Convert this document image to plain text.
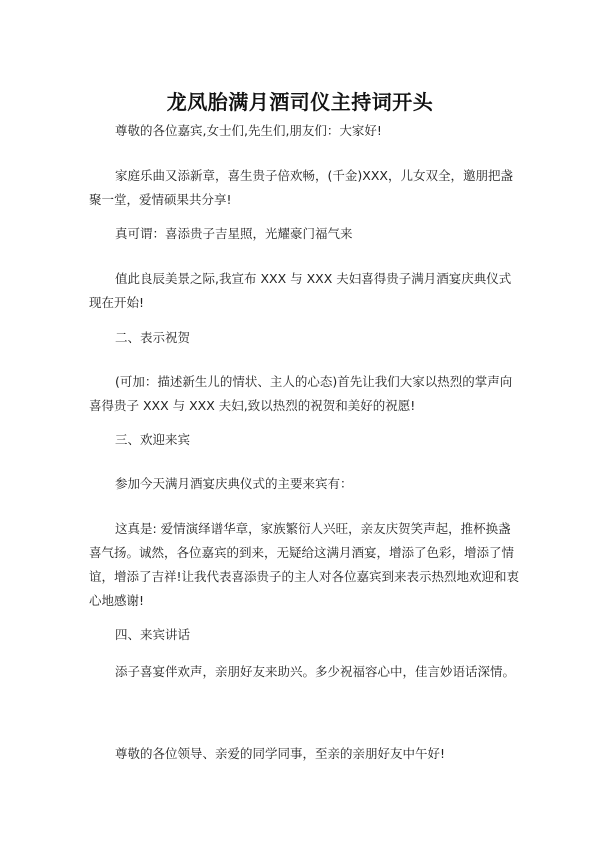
龙凤胎满月酒司仪主持词开头
尊敬的各位嘉宾,女士们,先生们,朋友们：大家好!
家庭乐曲又添新章，喜生贵子倍欢畅，(千金)XXX，儿女双全，邀朋把盏聚一堂，爱情硕果共分享!
真可谓：喜添贵子吉星照，光耀豪门福气来
值此良辰美景之际,我宣布 XXX 与 XXX 夫妇喜得贵子满月酒宴庆典仪式现在开始!
二、表示祝贺
(可加：描述新生儿的情状、主人的心态)首先让我们大家以热烈的掌声向喜得贵子 XXX 与 XXX 夫妇,致以热烈的祝贺和美好的祝愿!
三、欢迎来宾
参加今天满月酒宴庆典仪式的主要来宾有：
这真是: 爱情演绎谱华章，家族繁衍人兴旺，亲友庆贺笑声起，推杯换盏喜气扬。诚然，各位嘉宾的到来，无疑给这满月酒宴，增添了色彩，增添了情谊，增添了吉祥!让我代表喜添贵子的主人对各位嘉宾到来表示热烈地欢迎和衷心地感谢!
四、来宾讲话
添子喜宴伴欢声，亲朋好友来助兴。多少祝福容心中，佳言妙语话深情。
尊敬的各位领导、亲爱的同学同事，至亲的亲朋好友中午好!
